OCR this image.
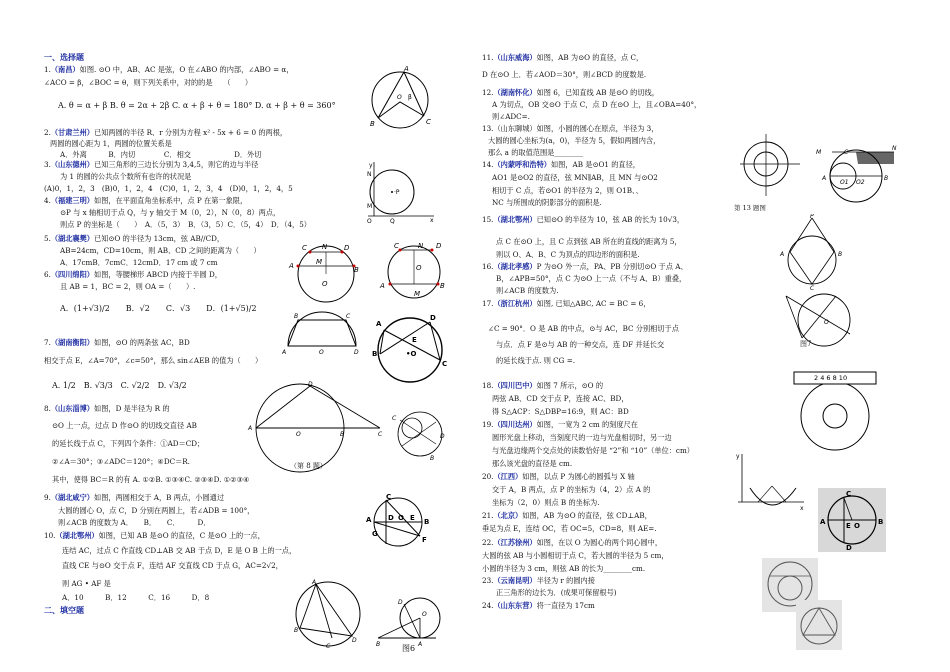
一、选择题
1.（南昌）如图. ⊙O 中，AB、AC 是弦，O 在∠ABO 的内部，∠ABO = α，
∠ACO = β，∠BOC = θ，则下列关系中，对的的是　　（　　）
A. θ = α + β B. θ = 2α + 2β C. α + β + θ = 180° D. α + β + θ = 360°
2.（甘肃兰州）已知两圆的半径 R、r 分别为方程 x² - 5x + 6 = 0 的两根，
两圆的圆心距为 1，两圆的位置关系是
A．外离　　　B．内切　　　　C．相交　　　　　　D．外切
3.（山东德州）已知三角形的三边长分别为 3,4,5，则它的边与半径
为 1 的圆的公共点个数所有也许的状况是
(A)0，1，2，3　(B)0，1，2，4　(C)0，1，2，3，4　(D)0，1，2，4，5
4.（福建三明）如图，在平面直角坐标系中，点 P 在第一象限，
⊙P 与 x 轴相切于点 Q，与 y 轴交于 M（0，2），N（0，8）两点，
则点 P 的坐标是（　　）　A．（5，3）　B．（3，5）C．（5，4）　D．（4，5）
5.（湖北襄樊）已知⊙O 的半径为 13cm，弦 AB//CD，
AB=24cm，CD=10cm，则 AB、CD 之间的距离为（　　）
A．17cmB．7cmC．12cmD．17 cm 或 7 cm
6.（四川绵阳）如图，等腰梯形 ABCD 内接于半圆 D，
且 AB = 1，BC = 2，则 OA =（　　）.
A．(1+√3)/2　　B．√2　　C．√3　　D．(1+√5)/2
7.（湖南衡阳）如图，⊙O 的两条弦 AC，BD
相交于点 E，∠A=70°，∠c=50°，那么 sin∠AEB 的值为（　　）
A. 1/2　B. √3/3　C. √2/2　D. √3/2
8.（山东淄博）如图，D 是半径为 R 的
⊙O 上一点，过点 D 作⊙O 的切线交直径 AB
的延长线于点 C，下列四个条件：①AD＝CD；
②∠A＝30°；③∠ADC＝120°；④DC＝R.
其中，使得 BC＝R 的有 A. ①②B. ①③④C. ②③④D. ①②③④
9.（湖北咸宁）如图，两圆相交于 A，B 两点，小圆通过
大圆的圆心 O，点 C，D 分别在两圆上，若∠ADB = 100°，
则∠ACB 的度数为 A．　　B．　　C．　　　D．
10.（湖北鄂州）如图，已知 AB 是⊙O 的直径，C 是⊙O 上的一点，
连结 AC，过点 C 作直线 CD⊥AB 交 AB 于点 D，E 是 O B 上的一点，
直线 CE 与⊙O 交于点 F，连结 AF 交直线 CD 于点 G，AC=2√2，
则 AG • AF 是
A．10　　　B．12　　　C．16　　　D．8
二、填空题
A
B	C
O β
·P
y
x
N
M
Q
O
C N D
A	M
B
O
C	N D
A	B
O
M
B	C
A	O	D
A
D
B
C
E
•O
D
A
O	B	C
C
D
B
（第 8 题）
A
C
D O E B
G
F
A
B
D
C	B	A
O
D
图6
11.（山东威海）如图，AB 为⊙O 的直径，点 C，
D 在⊙O 上．若∠AOD＝30°，则∠BCD 的度数是.
12.（湖南怀化）如图 6，已知直线 AB 是⊙O 的切线，
A 为切点，OB 交⊙O 于点 C，点 D 在⊙O 上，且∠OBA=40°，
则∠ADC=.
13.（山东聊城）如图，小圆的圆心在原点，半径为 3，
大圆的圆心坐标为(a，0)，半径为 5，假如两圆内含，
那么 a 的取值范围是________
14.（内蒙呼和浩特）如图，AB 是⊙O1 的直径，
AO1 是⊙O2 的直径，弦 MN∥AB，且 MN 与⊙O2
相切于 C 点，若⊙O1 的半径为 2，则 O1B、、
NC 与所围成的阴影部分的面积是.
15.（湖北鄂州）已知⊙O 的半径为 10，弦 AB 的长为 10√3，
点 C 在⊙O 上，且 C 点到弦 AB 所在的直线的距离为 5，
则以 O、A、B、C 为顶点的四边形的面积是.
16.（湖北孝感）P 为⊙O 外一点，PA、PB 分别切⊙O 于点 A、
B，∠APB=50°，点 C 为⊙O 上一点（不与 A、B）重叠，
则∠ACB 的度数为.
17.（浙江杭州）如图, 已知△ABC, AC = BC = 6，
∠C = 90°．O 是 AB 的中点，⊙与 AC，BC 分别相切于点
与点．点 F 是⊙与 AB 的一种交点，连 DF 并延长交
的延长线于点. 则 CG =.
18.（四川巴中）如图 7 所示，⊙O 的
两弦 AB、CD 交于点 P，连接 AC、BD，
得 S△ACP：S△DBP=16:9，则 AC：BD
19.（四川达州）如图，一宽为 2 cm 的刻度尺在
圆形光盘上移动，当刻度尺的一边与光盘相切时，另一边
与光盘边缘两个交点处的读数恰好是 “2”和 “10”（单位：cm）
那么该光盘的直径是 cm.
20.（江西）如图，以点 P 为圆心的圆弧与 X 轴
交于 A，B 两点，点 P 的坐标为（4，2）点 A 的
坐标为（2，0）则点 B 的坐标为.
21.（北京）如图，AB 为⊙O 的直径，弦 CD⊥AB，
垂足为点 E，连结 OC，若 OC=5，CD=8，则 AE=.
22.（江苏徐州）如图，在以 O 为圆心的两个同心圆中，
大圆的弦 AB 与小圆相切于点 C，若大圆的半径为 5 cm，
小圆的半径为 3 cm，则弦 AB 的长为________cm.
23.（云南昆明）半径为 r 的圆内接
正三角形的边长为．(成果可保留根号)
24.（山东东营）将一直径为 17cm
第 13 题图
M	C
N
A
O1 O2
B
P
A	B
C
O
图7
2 4 6 8 10
y
x
A
C
E O	B
D
